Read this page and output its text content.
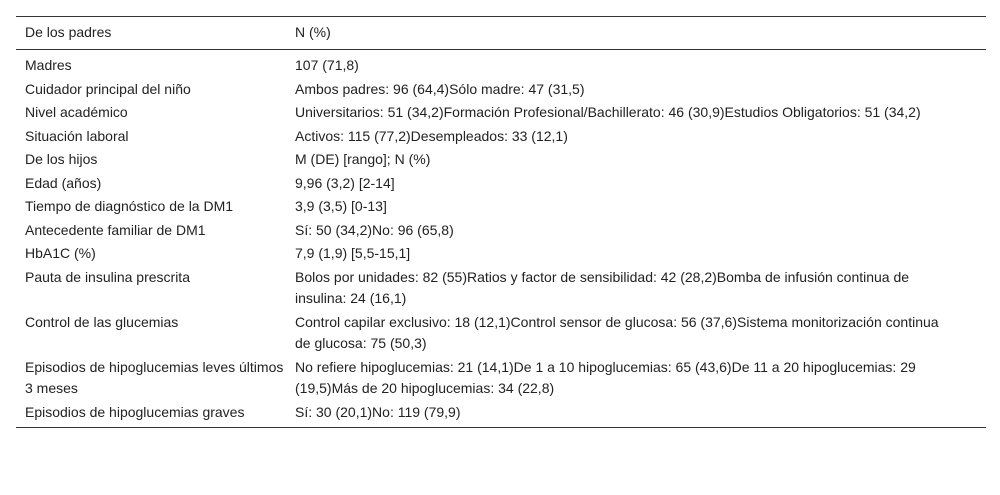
De los padres	N (%)
Madres	107 (71,8)
Cuidador principal del niño	Ambos padres: 96 (64,4)Sólo madre: 47 (31,5)
Nivel académico	Universitarios: 51 (34,2)Formación Profesional/Bachillerato: 46 (30,9)Estudios Obligatorios: 51 (34,2)
Situación laboral	Activos: 115 (77,2)Desempleados: 33 (12,1)
De los hijos	M (DE) [rango]; N (%)
Edad (años)	9,96 (3,2) [2-14]
Tiempo de diagnóstico de la DM1	3,9 (3,5) [0-13]
Antecedente familiar de DM1	Sí: 50 (34,2)No: 96 (65,8)
HbA1C (%)	7,9 (1,9) [5,5-15,1]
Pauta de insulina prescrita	Bolos por unidades: 82 (55)Ratios y factor de sensibilidad: 42 (28,2)Bomba de infusión continua de insulina: 24 (16,1)
Control de las glucemias	Control capilar exclusivo: 18 (12,1)Control sensor de glucosa: 56 (37,6)Sistema monitorización continua de glucosa: 75 (50,3)
Episodios de hipoglucemias leves últimos 3 meses	No refiere hipoglucemias: 21 (14,1)De 1 a 10 hipoglucemias: 65 (43,6)De 11 a 20 hipoglucemias: 29 (19,5)Más de 20 hipoglucemias: 34 (22,8)
Episodios de hipoglucemias graves	Sí: 30 (20,1)No: 119 (79,9)
